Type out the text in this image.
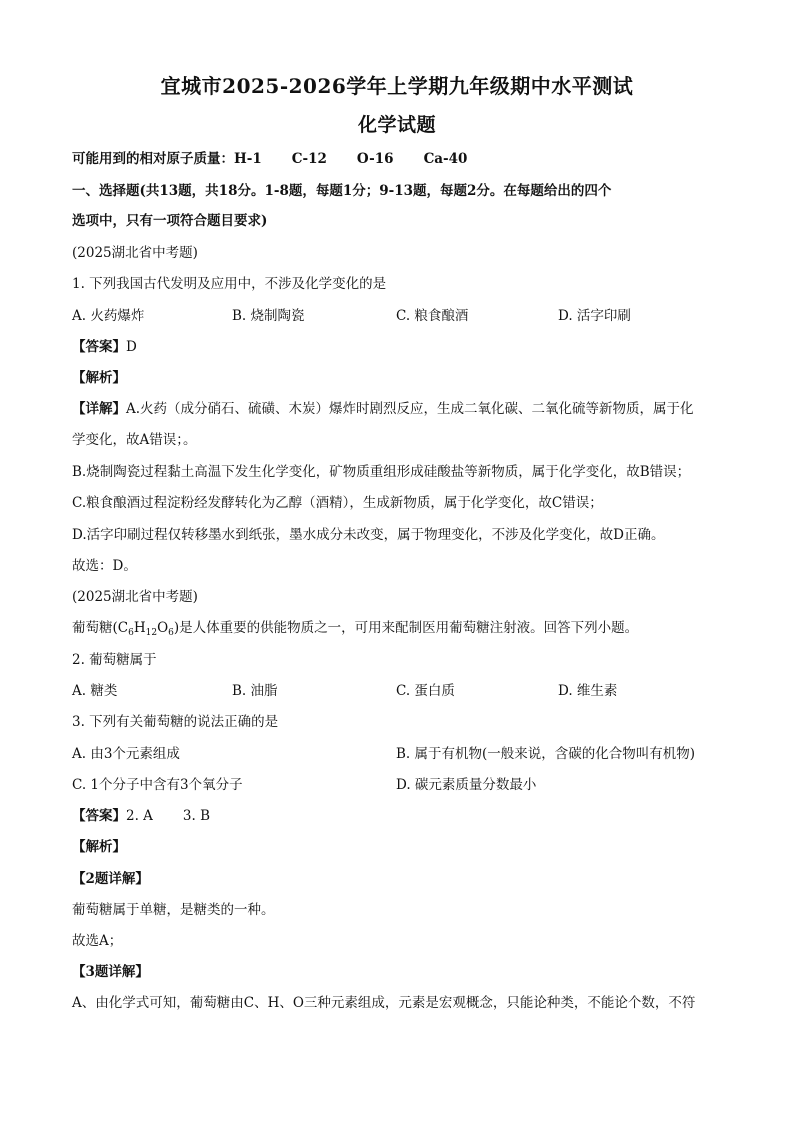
宜城市2025-2026学年上学期九年级期中水平测试
化学试题
可能用到的相对原子质量：H-1 C-12 O-16 Ca-40
一、选择题(共13题，共18分。1-8题，每题1分；9-13题，每题2分。在每题给出的四个
选项中，只有一项符合题目要求)
(2025湖北省中考题)
1. 下列我国古代发明及应用中，不涉及化学变化的是
A. 火药爆炸	B. 烧制陶瓷	C. 粮食酿酒	D. 活字印刷
【答案】D
【解析】
【详解】A.火药（成分硝石、硫磺、木炭）爆炸时剧烈反应，生成二氧化碳、二氧化硫等新物质，属于化
学变化，故A错误；。
B.烧制陶瓷过程黏土高温下发生化学变化，矿物质重组形成硅酸盐等新物质，属于化学变化，故B错误；
C.粮食酿酒过程淀粉经发酵转化为乙醇（酒精），生成新物质，属于化学变化，故C错误；
D.活字印刷过程仅转移墨水到纸张，墨水成分未改变，属于物理变化，不涉及化学变化，故D正确。
故选：D。
(2025湖北省中考题)
葡萄糖$(C_6H_{12}O_6)$是人体重要的供能物质之一，可用来配制医用葡萄糖注射液。回答下列小题。
2. 葡萄糖属于
A. 糖类	B. 油脂	C. 蛋白质	D. 维生素
3. 下列有关葡萄糖的说法正确的是
A. 由3个元素组成	B. 属于有机物(一般来说，含碳的化合物叫有机物)
C. 1个分子中含有3个氧分子	D. 碳元素质量分数最小
【答案】2. A 3. B
【解析】
【2题详解】
葡萄糖属于单糖，是糖类的一种。
故选A；
【3题详解】
A、由化学式可知，葡萄糖由C、H、O三种元素组成，元素是宏观概念，只能论种类，不能论个数，不符
